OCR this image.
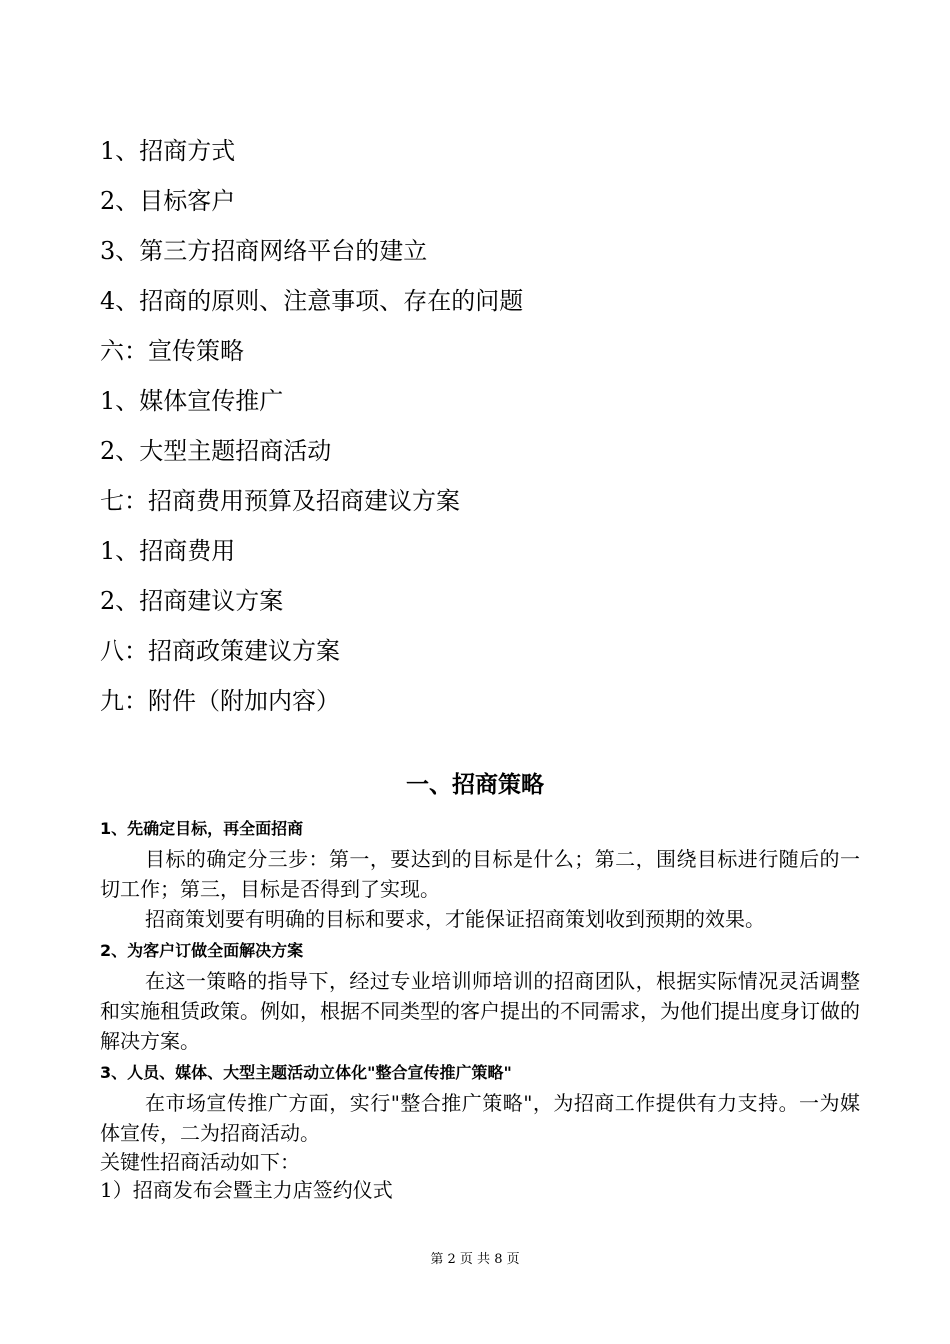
1、招商方式
2、目标客户
3、第三方招商网络平台的建立
4、招商的原则、注意事项、存在的问题
六：宣传策略
1、媒体宣传推广
2、大型主题招商活动
七：招商费用预算及招商建议方案
1、招商费用
2、招商建议方案
八：招商政策建议方案
九：附件（附加内容）
一、招商策略
1、先确定目标，再全面招商
目标的确定分三步：第一，要达到的目标是什么；第二，围绕目标进行随后的一切工作；第三，目标是否得到了实现。
招商策划要有明确的目标和要求，才能保证招商策划收到预期的效果。
2、为客户订做全面解决方案
在这一策略的指导下，经过专业培训师培训的招商团队，根据实际情况灵活调整和实施租赁政策。例如，根据不同类型的客户提出的不同需求，为他们提出度身订做的解决方案。
3、人员、媒体、大型主题活动立体化"整合宣传推广策略"
在市场宣传推广方面，实行"整合推广策略"，为招商工作提供有力支持。一为媒体宣传，二为招商活动。
关键性招商活动如下：
1）招商发布会暨主力店签约仪式
第 2 页 共 8 页
